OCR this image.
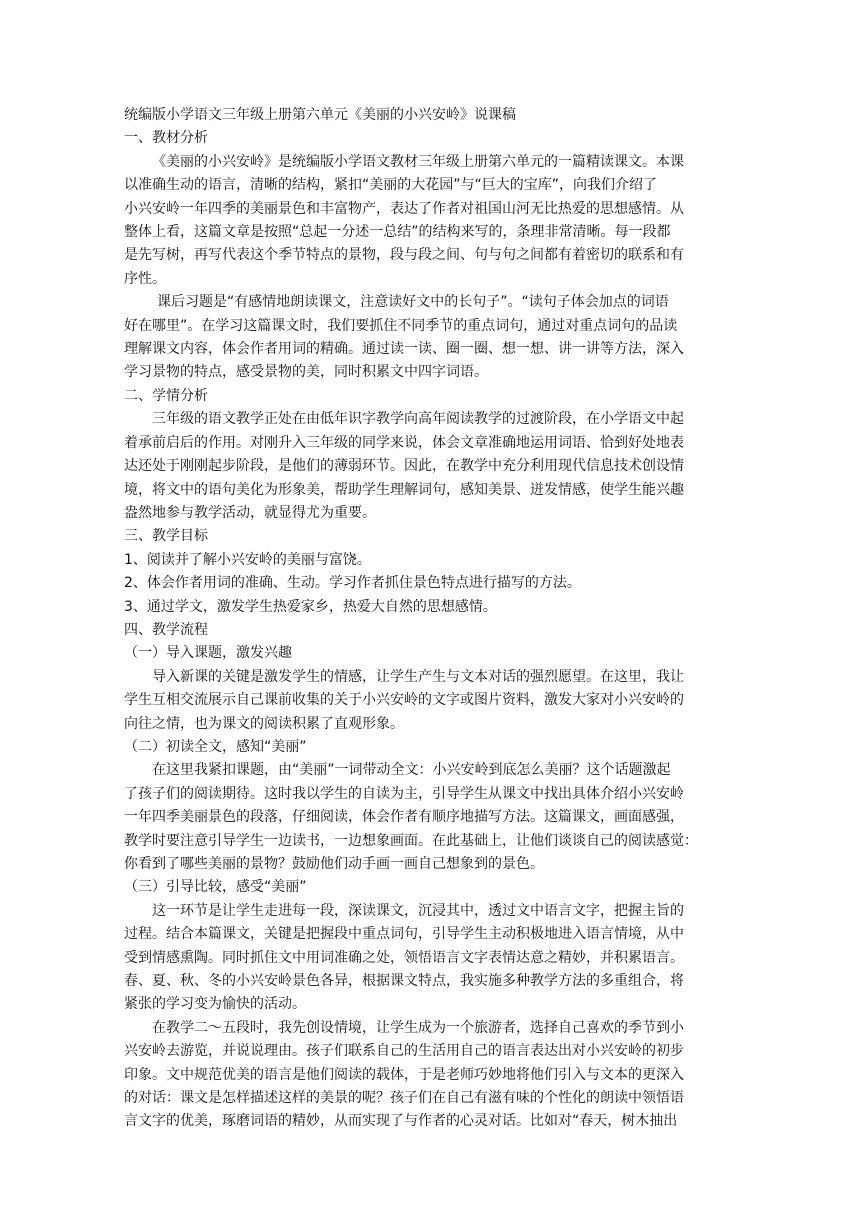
统编版小学语文三年级上册第六单元《美丽的小兴安岭》说课稿
一、教材分析
《美丽的小兴安岭》是统编版小学语文教材三年级上册第六单元的一篇精读课文。本课
以准确生动的语言，清晰的结构，紧扣“美丽的大花园”与“巨大的宝库”，向我们介绍了
小兴安岭一年四季的美丽景色和丰富物产，表达了作者对祖国山河无比热爱的思想感情。从
整体上看，这篇文章是按照“总起一分述一总结”的结构来写的，条理非常清晰。每一段都
是先写树，再写代表这个季节特点的景物，段与段之间、句与句之间都有着密切的联系和有
序性。
课后习题是“有感情地朗读课文，注意读好文中的长句子”。“读句子体会加点的词语
好在哪里”。在学习这篇课文时，我们要抓住不同季节的重点词句，通过对重点词句的品读
理解课文内容，体会作者用词的精确。通过读一读、圈一圈、想一想、讲一讲等方法，深入
学习景物的特点，感受景物的美，同时积累文中四字词语。
二、学情分析
三年级的语文教学正处在由低年识字教学向高年阅读教学的过渡阶段，在小学语文中起
着承前启后的作用。对刚升入三年级的同学来说，体会文章准确地运用词语、恰到好处地表
达还处于刚刚起步阶段，是他们的薄弱环节。因此，在教学中充分利用现代信息技术创设情
境，将文中的语句美化为形象美，帮助学生理解词句，感知美景、迸发情感，使学生能兴趣
盎然地参与教学活动，就显得尤为重要。
三、教学目标
1、阅读并了解小兴安岭的美丽与富饶。
2、体会作者用词的准确、生动。学习作者抓住景色特点进行描写的方法。
3、通过学文，激发学生热爱家乡，热爱大自然的思想感情。
四、教学流程
（一）导入课题，激发兴趣
导入新课的关键是激发学生的情感，让学生产生与文本对话的强烈愿望。在这里，我让
学生互相交流展示自己课前收集的关于小兴安岭的文字或图片资料，激发大家对小兴安岭的
向往之情，也为课文的阅读积累了直观形象。
（二）初读全文，感知“美丽”
在这里我紧扣课题，由“美丽”一词带动全文：小兴安岭到底怎么美丽？这个话题激起
了孩子们的阅读期待。这时我以学生的自读为主，引导学生从课文中找出具体介绍小兴安岭
一年四季美丽景色的段落，仔细阅读，体会作者有顺序地描写方法。这篇课文，画面感强，
教学时要注意引导学生一边读书，一边想象画面。在此基础上，让他们谈谈自己的阅读感觉：
你看到了哪些美丽的景物？鼓励他们动手画一画自己想象到的景色。
（三）引导比较，感受“美丽”
这一环节是让学生走进每一段，深读课文，沉浸其中，透过文中语言文字，把握主旨的
过程。结合本篇课文，关键是把握段中重点词句，引导学生主动积极地进入语言情境，从中
受到情感熏陶。同时抓住文中用词准确之处，领悟语言文字表情达意之精妙，并积累语言。
春、夏、秋、冬的小兴安岭景色各异，根据课文特点，我实施多种教学方法的多重组合，将
紧张的学习变为愉快的活动。
在教学二～五段时，我先创设情境，让学生成为一个旅游者，选择自己喜欢的季节到小
兴安岭去游览，并说说理由。孩子们联系自己的生活用自己的语言表达出对小兴安岭的初步
印象。文中规范优美的语言是他们阅读的载体，于是老师巧妙地将他们引入与文本的更深入
的对话：课文是怎样描述这样的美景的呢？孩子们在自己有滋有味的个性化的朗读中领悟语
言文字的优美，琢磨词语的精妙，从而实现了与作者的心灵对话。比如对“春天，树木抽出
